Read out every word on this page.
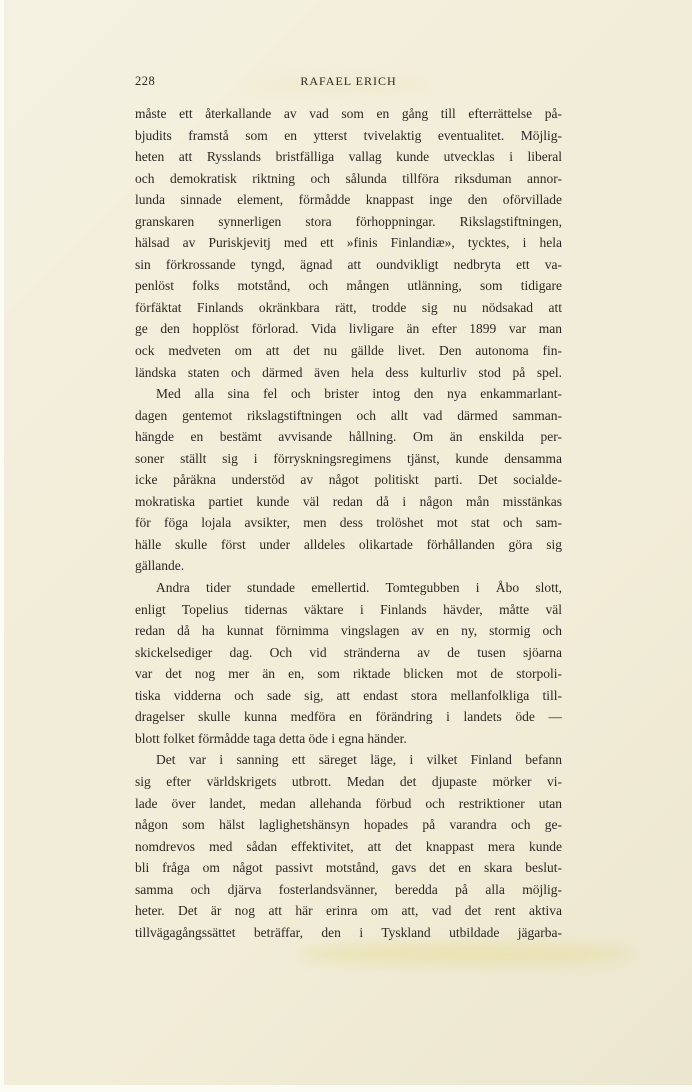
228	RAFAEL ERICH
måste ett återkallande av vad som en gång till efterrättelse på-
bjudits framstå som en ytterst tvivelaktig eventualitet. Möjlig-
heten att Rysslands bristfälliga vallag kunde utvecklas i liberal
och demokratisk riktning och sålunda tillföra riksduman annor-
lunda sinnade element, förmådde knappast inge den oförvillade
granskaren synnerligen stora förhoppningar. Rikslagstiftningen,
hälsad av Puriskjevitj med ett »finis Finlandiæ», tycktes, i hela
sin förkrossande tyngd, ägnad att oundvikligt nedbryta ett va-
penlöst folks motstånd, och mången utlänning, som tidigare
förfäktat Finlands okränkbara rätt, trodde sig nu nödsakad att
ge den hopplöst förlorad. Vida livligare än efter 1899 var man
ock medveten om att det nu gällde livet. Den autonoma fin-
ländska staten och därmed även hela dess kulturliv stod på spel.
Med alla sina fel och brister intog den nya enkammarlant-
dagen gentemot rikslagstiftningen och allt vad därmed samman-
hängde en bestämt avvisande hållning. Om än enskilda per-
soner ställt sig i förryskningsregimens tjänst, kunde densamma
icke påräkna understöd av något politiskt parti. Det socialde-
mokratiska partiet kunde väl redan då i någon mån misstänkas
för föga lojala avsikter, men dess trolöshet mot stat och sam-
hälle skulle först under alldeles olikartade förhållanden göra sig
gällande.
Andra tider stundade emellertid. Tomtegubben i Åbo slott,
enligt Topelius tidernas väktare i Finlands hävder, måtte väl
redan då ha kunnat förnimma vingslagen av en ny, stormig och
skickelsediger dag. Och vid stränderna av de tusen sjöarna
var det nog mer än en, som riktade blicken mot de storpoli-
tiska vidderna och sade sig, att endast stora mellanfolkliga till-
dragelser skulle kunna medföra en förändring i landets öde —
blott folket förmådde taga detta öde i egna händer.
Det var i sanning ett säreget läge, i vilket Finland befann
sig efter världskrigets utbrott. Medan det djupaste mörker vi-
lade över landet, medan allehanda förbud och restriktioner utan
någon som hälst laglighetshänsyn hopades på varandra och ge-
nomdrevos med sådan effektivitet, att det knappast mera kunde
bli fråga om något passivt motstånd, gavs det en skara beslut-
samma och djärva fosterlandsvänner, beredda på alla möjlig-
heter. Det är nog att här erinra om att, vad det rent aktiva
tillvägagångssättet beträffar, den i Tyskland utbildade jägarba-
